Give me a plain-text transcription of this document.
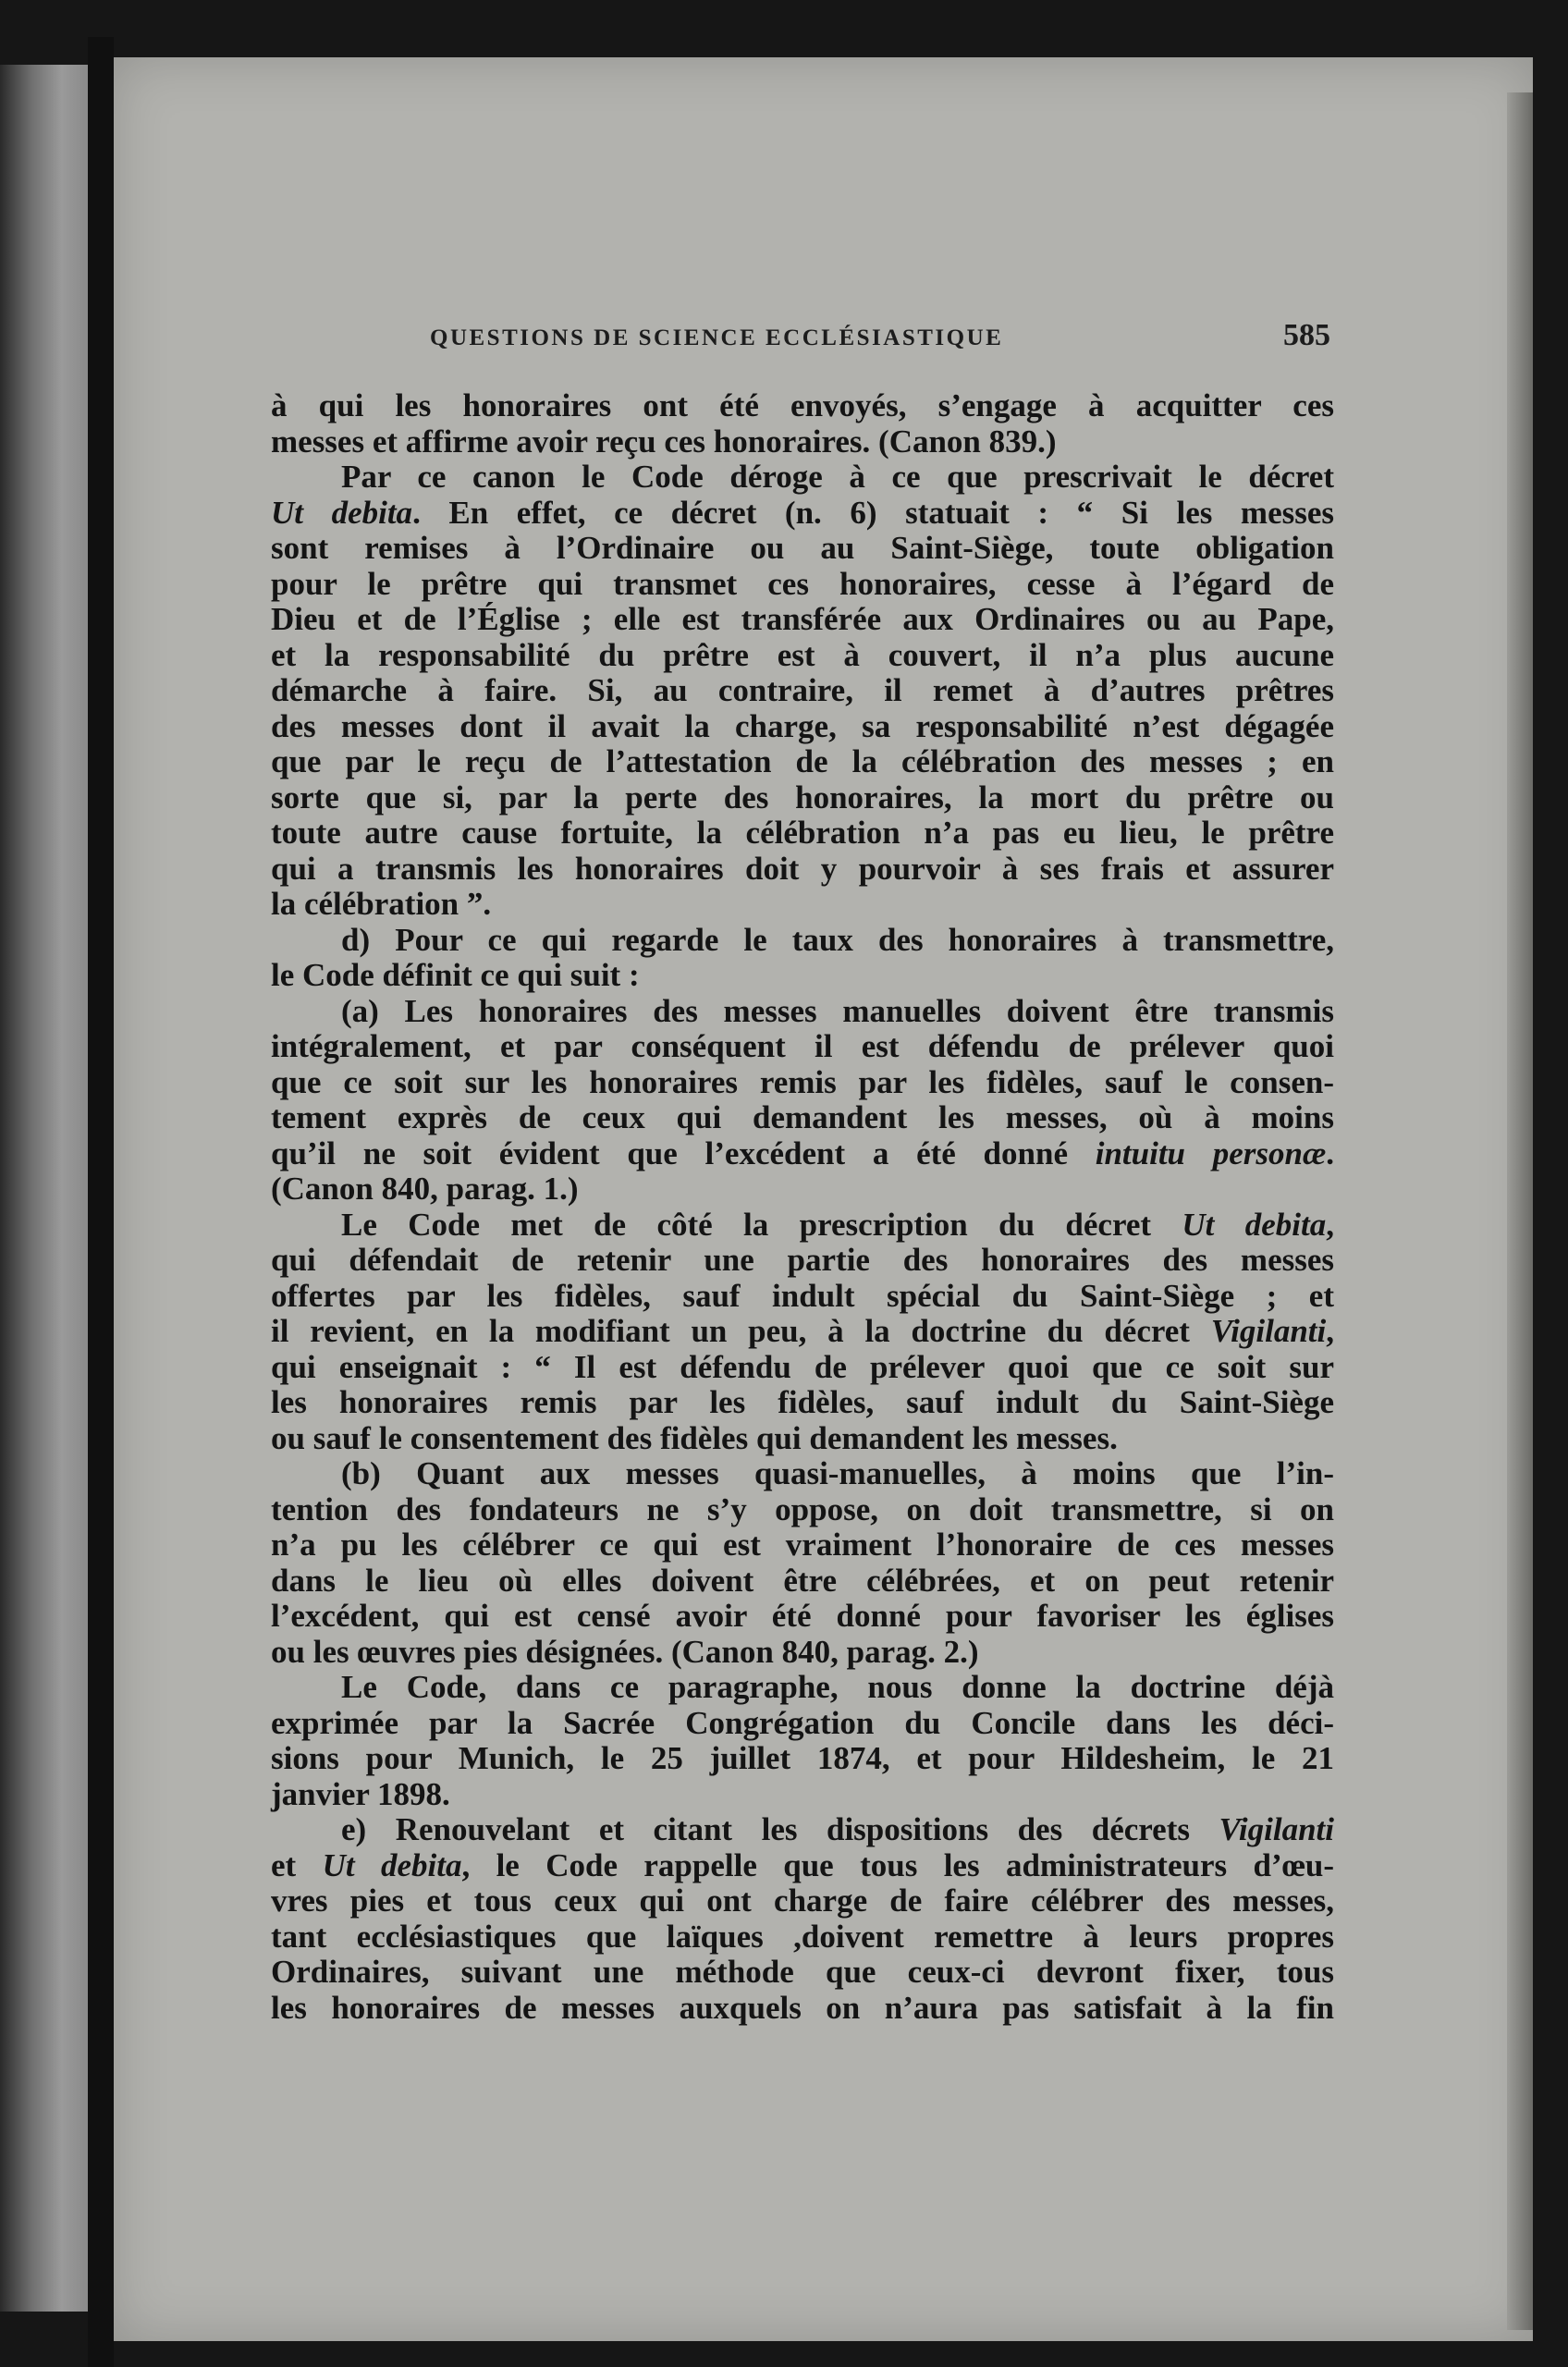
QUESTIONS DE SCIENCE ECCLÉSIASTIQUE	585
à qui les honoraires ont été envoyés, s’engage à acquitter ces
messes et affirme avoir reçu ces honoraires. (Canon 839.)
Par ce canon le Code déroge à ce que prescrivait le décret
Ut debita. En effet, ce décret (n. 6) statuait : “ Si les messes
sont remises à l’Ordinaire ou au Saint-Siège, toute obligation
pour le prêtre qui transmet ces honoraires, cesse à l’égard de
Dieu et de l’Église ; elle est transférée aux Ordinaires ou au Pape,
et la responsabilité du prêtre est à couvert, il n’a plus aucune
démarche à faire. Si, au contraire, il remet à d’autres prêtres
des messes dont il avait la charge, sa responsabilité n’est dégagée
que par le reçu de l’attestation de la célébration des messes ; en
sorte que si, par la perte des honoraires, la mort du prêtre ou
toute autre cause fortuite, la célébration n’a pas eu lieu, le prêtre
qui a transmis les honoraires doit y pourvoir à ses frais et assurer
la célébration ”.
d) Pour ce qui regarde le taux des honoraires à transmettre,
le Code définit ce qui suit :
(a) Les honoraires des messes manuelles doivent être transmis
intégralement, et par conséquent il est défendu de prélever quoi
que ce soit sur les honoraires remis par les fidèles, sauf le consen-
tement exprès de ceux qui demandent les messes, où à moins
qu’il ne soit évident que l’excédent a été donné intuitu personæ.
(Canon 840, parag. 1.)
Le Code met de côté la prescription du décret Ut debita,
qui défendait de retenir une partie des honoraires des messes
offertes par les fidèles, sauf indult spécial du Saint-Siège ; et
il revient, en la modifiant un peu, à la doctrine du décret Vigilanti,
qui enseignait : “ Il est défendu de prélever quoi que ce soit sur
les honoraires remis par les fidèles, sauf indult du Saint-Siège
ou sauf le consentement des fidèles qui demandent les messes.
(b) Quant aux messes quasi-manuelles, à moins que l’in-
tention des fondateurs ne s’y oppose, on doit transmettre, si on
n’a pu les célébrer ce qui est vraiment l’honoraire de ces messes
dans le lieu où elles doivent être célébrées, et on peut retenir
l’excédent, qui est censé avoir été donné pour favoriser les églises
ou les œuvres pies désignées. (Canon 840, parag. 2.)
Le Code, dans ce paragraphe, nous donne la doctrine déjà
exprimée par la Sacrée Congrégation du Concile dans les déci-
sions pour Munich, le 25 juillet 1874, et pour Hildesheim, le 21
janvier 1898.
e) Renouvelant et citant les dispositions des décrets Vigilanti
et Ut debita, le Code rappelle que tous les administrateurs d’œu-
vres pies et tous ceux qui ont charge de faire célébrer des messes,
tant ecclésiastiques que laïques ,doivent remettre à leurs propres
Ordinaires, suivant une méthode que ceux-ci devront fixer, tous
les honoraires de messes auxquels on n’aura pas satisfait à la fin
